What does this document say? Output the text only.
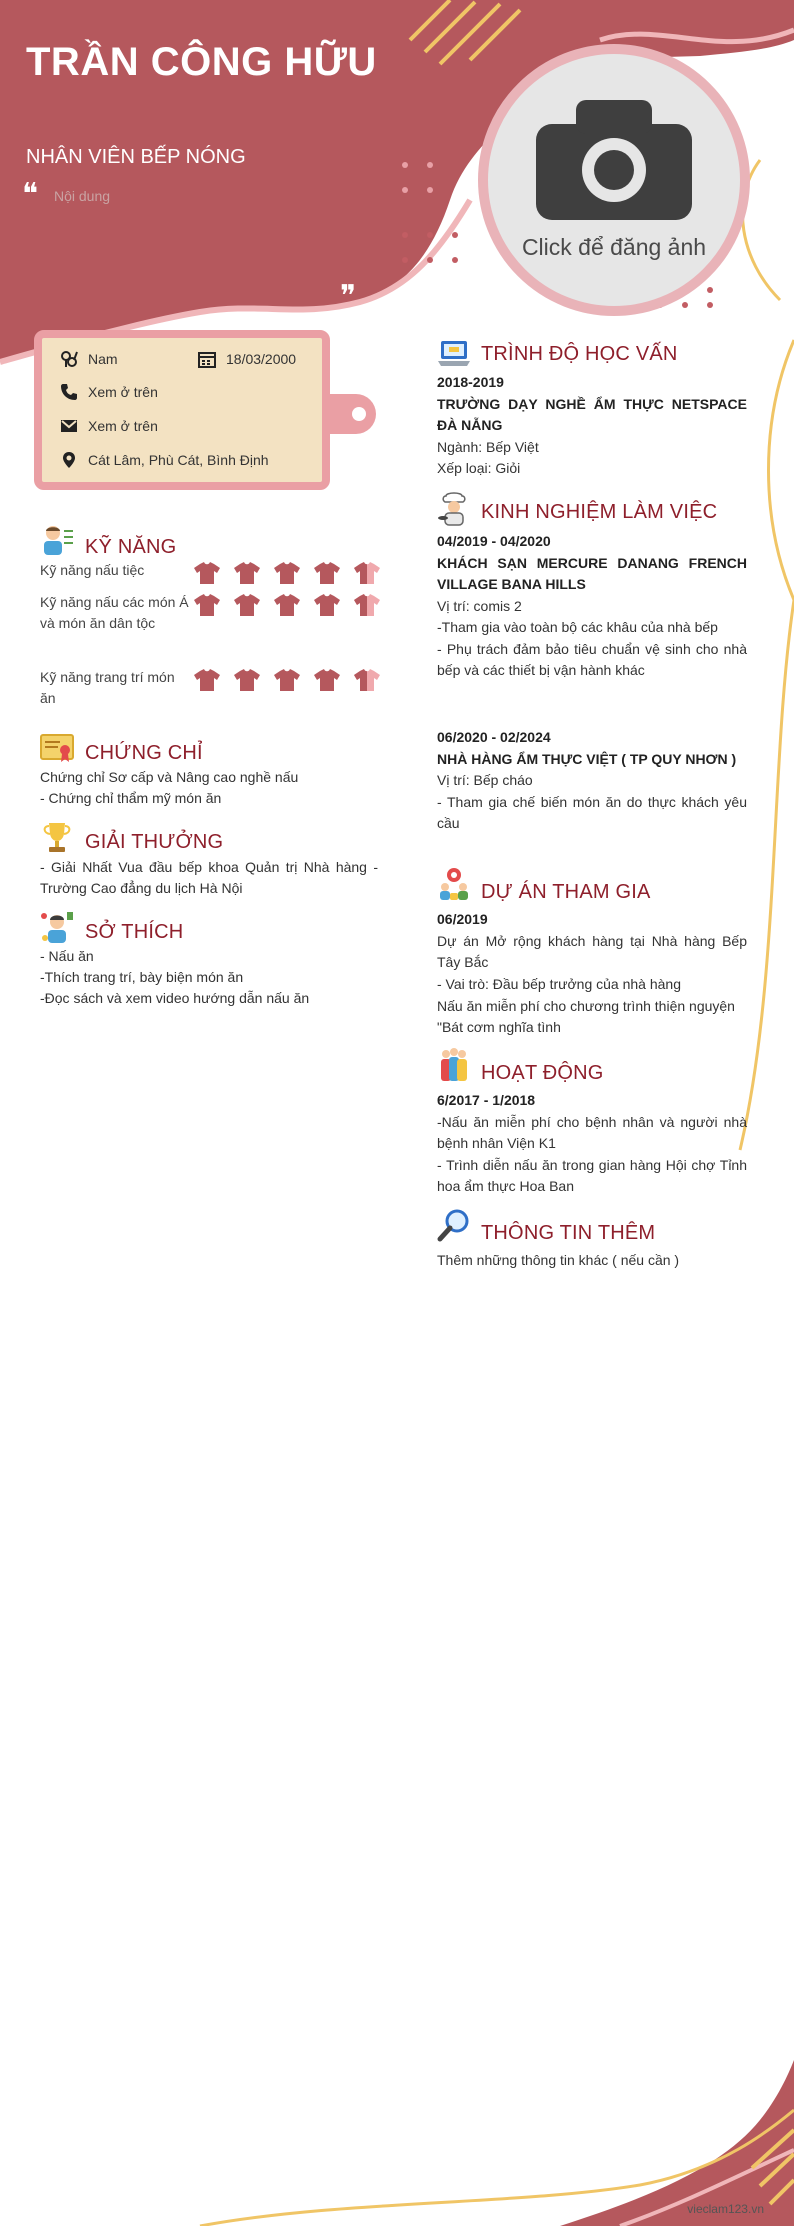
TRẦN CÔNG HỮU
NHÂN VIÊN BẾP NÓNG
❝ Nội dung
❞
Click để đăng ảnh
Nam	18/03/2000
Xem ở trên
Xem ở trên
Cát Lâm, Phù Cát, Bình Định
KỸ NĂNG
Kỹ năng nấu tiệc
Kỹ năng nấu các món Á và món ăn dân tộc
Kỹ năng trang trí món ăn
CHỨNG CHỈ
Chứng chỉ Sơ cấp và Nâng cao nghề nấu
- Chứng chỉ thẩm mỹ món ăn
GIẢI THƯỞNG
- Giải Nhất Vua đầu bếp khoa Quản trị Nhà hàng - Trường Cao đẳng du lịch Hà Nội
SỞ THÍCH
- Nấu ăn
-Thích trang trí, bày biện món ăn
-Đọc sách và xem video hướng dẫn nấu ăn
TRÌNH ĐỘ HỌC VẤN
2018-2019
TRƯỜNG DẠY NGHỀ ẨM THỰC NETSPACE ĐÀ NẴNG
Ngành: Bếp Việt
Xếp loại: Giỏi
KINH NGHIỆM LÀM VIỆC
04/2019 - 04/2020
KHÁCH SẠN MERCURE DANANG FRENCH VILLAGE BANA HILLS
Vị trí: comis 2
-Tham gia vào toàn bộ các khâu của nhà bếp
- Phụ trách đảm bảo tiêu chuẩn vệ sinh cho nhà bếp và các thiết bị vận hành khác
06/2020 - 02/2024
NHÀ HÀNG ẨM THỰC VIỆT ( TP QUY NHƠN )
Vị trí: Bếp cháo
- Tham gia chế biến món ăn do thực khách yêu cầu
DỰ ÁN THAM GIA
06/2019
Dự án Mở rộng khách hàng tại Nhà hàng Bếp Tây Bắc
- Vai trò: Đầu bếp trưởng của nhà hàng
Nấu ăn miễn phí cho chương trình thiện nguyện "Bát cơm nghĩa tình
HOẠT ĐỘNG
6/2017 - 1/2018
-Nấu ăn miễn phí cho bệnh nhân và người nhà bệnh nhân Viện K1
- Trình diễn nấu ăn trong gian hàng Hội chợ Tỉnh hoa ẩm thực Hoa Ban
THÔNG TIN THÊM
Thêm những thông tin khác ( nếu cần )
vieclam123.vn
